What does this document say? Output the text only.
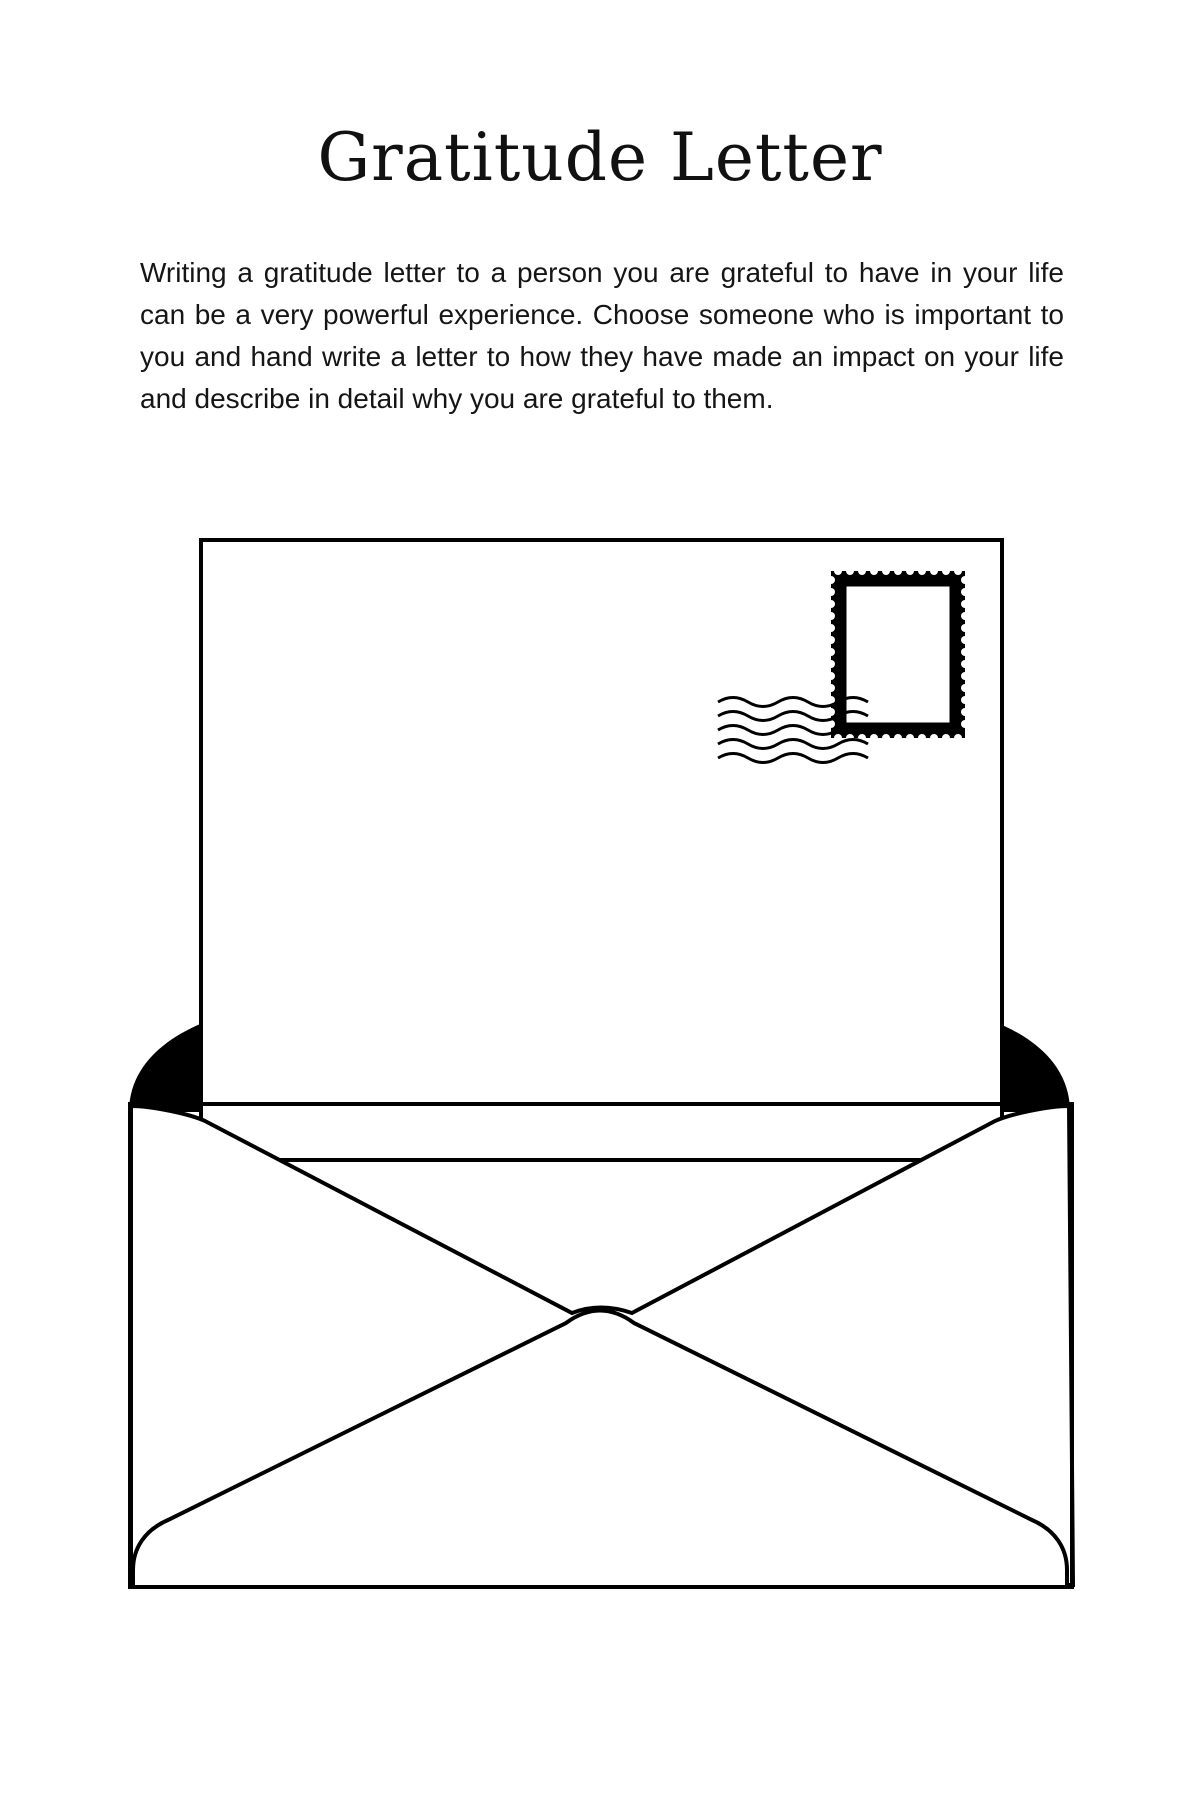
Gratitude Letter

Writing a gratitude letter to a person you are grateful to have in your life can be a very powerful experience. Choose someone who is important to you and hand write a letter to how they have made an impact on your life and describe in detail why you are grateful to them.
